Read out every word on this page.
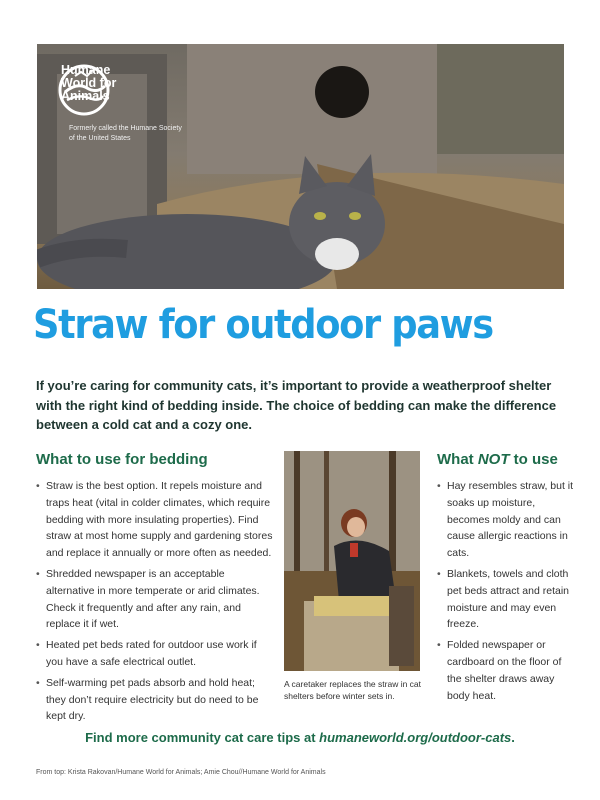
Humane
World for
Animals
Formerly called the Humane Society of the United States
Straw for outdoor paws
If you’re caring for community cats, it’s important to provide a weatherproof shelter with the right kind of bedding inside. The choice of bedding can make the difference between a cold cat and a cozy one.
What to use for bedding
• Straw is the best option. It repels moisture and traps heat (vital in colder climates, which require bedding with more insulating properties). Find straw at most home supply and gardening stores and replace it annually or more often as needed.
• Shredded newspaper is an acceptable alternative in more temperate or arid climates. Check it frequently and after any rain, and replace it if wet.
• Heated pet beds rated for outdoor use work if you have a safe electrical outlet.
• Self-warming pet pads absorb and hold heat; they don’t require electricity but do need to be kept dry.
A caretaker replaces the straw in cat shelters before winter sets in.
What NOT to use
• Hay resembles straw, but it soaks up moisture, becomes moldy and can cause allergic reactions in cats.
• Blankets, towels and cloth pet beds attract and retain moisture and may even freeze.
• Folded newspaper or cardboard on the floor of the shelter draws away body heat.
Find more community cat care tips at humaneworld.org/outdoor-cats.
From top: Krista Rakovan/Humane World for Animals; Amie Chou//Humane World for Animals
